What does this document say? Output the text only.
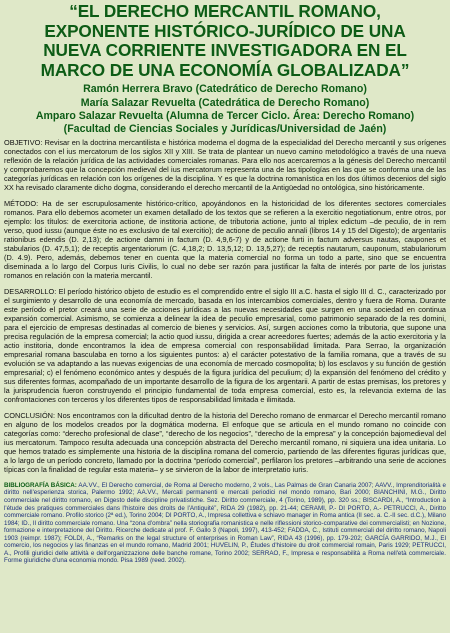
“EL DERECHO MERCANTIL ROMANO,
EXPONENTE HISTÓRICO-JURÍDICO DE UNA
NUEVA CORRIENTE INVESTIGADORA EN EL
MARCO DE UNA ECONOMÍA GLOBALIZADA”
Ramón Herrera Bravo (Catedrático de Derecho Romano)
María Salazar Revuelta (Catedrática de Derecho Romano)
Amparo Salazar Revuelta (Alumna de Tercer Ciclo. Área: Derecho Romano)
(Facultad de Ciencias Sociales y Jurídicas/Universidad de Jaén)

OBJETIVO: Revisar en la doctrina mercantilista e histórica moderna el dogma de la especialidad del Derecho mercantil y sus orígenes conectados con el ius mercatorum de los siglos XII y XIII. Se trata de plantear un nuevo camino metodológico a través de una nueva reflexión de la relación jurídica de las actividades comerciales romanas. Para ello nos acercaremos a la génesis del Derecho mercantil y comprobaremos que la concepción medieval del ius mercatorum representa una de las tipologías en las que se conforma una de las categorías jurídicas en relación con los orígenes de la disciplina. Y es que la doctrina romanística en los dos últimos decenios del siglo XX ha revisado claramente dicho dogma, considerando el derecho mercantil de la Antigüedad no ontológica, sino históricamente.

MÉTODO: Ha de ser escrupulosamente histórico-crítico, apoyándonos en la historicidad de los diferentes sectores comerciales romanos. Para ello debemos acometer un examen detallado de los textos que se refieren a la exercitio negotiationum, entre otros, por ejemplo: los títulos: de exercitoria actione, de institoria actione, de tributoria actione, junto al triplex edictum –de peculio, de in rem verso, quod iussu (aunque éste no es exclusivo de tal exercitio); de actione de peculio annali (libros 14 y 15 del Digesto); de argentariis rationibus edendis (D. 2,13); de actione damni in factum (D. 4,9,6-7) y de actione furti in factum adversus nautas, caupones et stabularios (D. 47,5,1); de receptis argentariorum (C. 4,18,2; D. 13,5,12; D. 13,5,27); de receptis nautarum, cauponum, stabulariorum (D. 4.9). Pero, además, debemos tener en cuenta que la materia comercial no forma un todo a parte, sino que se encuentra diseminada a lo largo del Corpus Iuris Civilis, lo cual no debe ser razón para justificar la falta de interés por parte de los juristas romanos en relación con la materia mercantil.

DESARROLLO: El período histórico objeto de estudio es el comprendido entre el siglo III a.C. hasta el siglo III d. C., caracterizado por el surgimiento y desarrollo de una economía de mercado, basada en los intercambios comerciales, dentro y fuera de Roma. Durante este período el pretor creará una serie de acciones jurídicas a las nuevas necesidades que surgen en una sociedad en continua expansión comercial. Asimismo, se comienza a delinear la idea de peculio empresarial, como patrimonio separado de la res domini, para el ejercicio de empresas destinadas al comercio de bienes y servicios. Así, surgen acciones como la tributoria, que supone una precisa regulación de la empresa comercial; la actio quod iussu, dirigida a crear acreedores fuertes; además de la actio exercitoria y la actio institoria, donde encontramos la idea de empresa comercial con responsabilidad limitada. Para Serrao, la organización empresarial romana basculaba en torno a los siguientes puntos: a) el carácter potestativo de la familia romana, que a través de su evolución se va adaptando a las nuevas exigencias de una economía de mercado cosmopolita; b) los esclavos y su función de gestión empresarial; c) el fenómeno económico antes y después de la figura jurídica del peculium; d) la expansión del fenómeno del crédito y sus diferentes formas, acompañado de un importante desarrollo de la figura de los argentarii. A partir de estas premisas, los pretores y la jurisprudencia fueron construyendo el principio fundamental de toda empresa comercial, esto es, la relevancia externa de las confrontaciones con terceros y los diferentes tipos de responsabilidad limitada e ilimitada.

CONCLUSIÓN: Nos encontramos con la dificultad dentro de la historia del Derecho romano de enmarcar el Derecho mercantil romano en alguno de los modelos creados por la dogmática moderna. El enfoque que se articula en el mundo romano no coincide con categorías como: “derecho profesional de clase”, “derecho de los negocios”, “derecho de la empresa” y la concepción bajomedieval del ius mercatorum. Tampoco resulta adecuada una concepción abstracta del Derecho mercantil romano, ni siquiera una idea unitaria. Lo que hemos tratado es simplemente una historia de la disciplina romana del comercio, partiendo de las diferentes figuras jurídicas que, a lo largo de un período concreto, llamado por la doctrina “período comercial”, perfilaron los pretores –arbitrando una serie de acciones típicas con la finalidad de regular esta materia– y se sirvieron de la labor de interpretatio iuris.

BIBLIOGRAFÍA BÁSICA: AA.VV., El Derecho comercial, de Roma al Derecho moderno, 2 vols., Las Palmas de Gran Canaria 2007; AAVV., Imprenditorialità e diritto nell'esperienza storica, Palermo 1992; AA.VV., Mercati permanenti e mercati periodici nel mondo romano, Bari 2000; BIANCHINI, M.G., Diritto commerciale nel diritto romano, en Digesto delle discipline privatistiche. Sez. Diritto commerciale, 4 (Torino, 1989), pp. 320 ss.; BISCARDI, A., “Introduction à l'étude des pratiques commerciales dans l'histoire des droits de l'Antiquité”, RIDA 29 (1982), pp. 21-44; CERAMI, P.- DI PORTO, A.- PETRUCCI, A., Diritto commerciale romano. Profilo storico (2ª ed.), Torino 2004; DI PORTO, A., Impresa collettiva e schiavo manager in Roma antica (II sec. a. C.-II sec. d.C.), Milano 1984; ID., Il diritto commerciale romano. Una “zona d'ombra” nella storiografia romanistica e nelle riflessioni storico-comparative dei commercialisti; en Nozione, formazione e interpretazione del Diritto. Ricerche dedicate al prof. F. Gallo 3 (Napoli, 1997), 413-452; FADDA, C., Istituti commerciali del diritto romano, Napoli 1903 (reimpr. 1987); FOLDI, A., “Remarks on the legal structure of enterprises in Roman Law”, RIDA 43 (1996), pp. 179-202; GARCÍA GARRIDO, M.J., El comercio, los negocios y las finanzas en el mundo romano, Madrid 2001; HUVELIN, P., Études d'histoire du droit commercial romain, Paris 1929; PETRUCCI, A., Profili giuridici delle attività e dell'organizzazione delle banche romane, Torino 2002; SERRAO, F., Impresa e responsabilità a Roma nell'età commerciale. Forme giuridiche d'una economia mondo. Pisa 1989 (reed. 2002).
